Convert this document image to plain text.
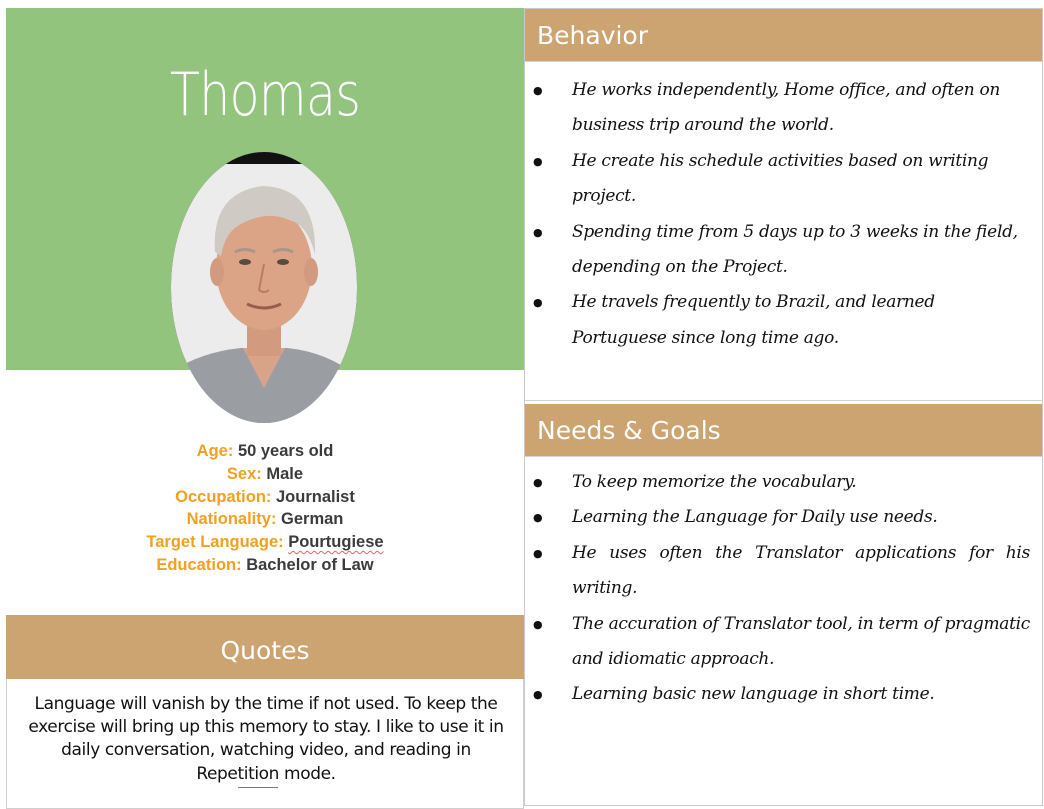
Thomas
Age: 50 years old
Sex: Male
Occupation: Journalist
Nationality: German
Target Language: Pourtugiese
Education: Bachelor of Law
Quotes
Language will vanish by the time if not used. To keep the exercise will bring up this memory to stay. I like to use it in daily conversation, watching video, and reading in Repetition mode.
Behavior
● He works independently, Home office, and often on business trip around the world.
● He create his schedule activities based on writing project.
● Spending time from 5 days up to 3 weeks in the field, depending on the Project.
● He travels frequently to Brazil, and learned Portuguese since long time ago.
Needs & Goals
● To keep memorize the vocabulary.
● Learning the Language for Daily use needs.
● He uses often the Translator applications for his writing.
● The accuration of Translator tool, in term of pragmatic and idiomatic approach.
● Learning basic new language in short time.
